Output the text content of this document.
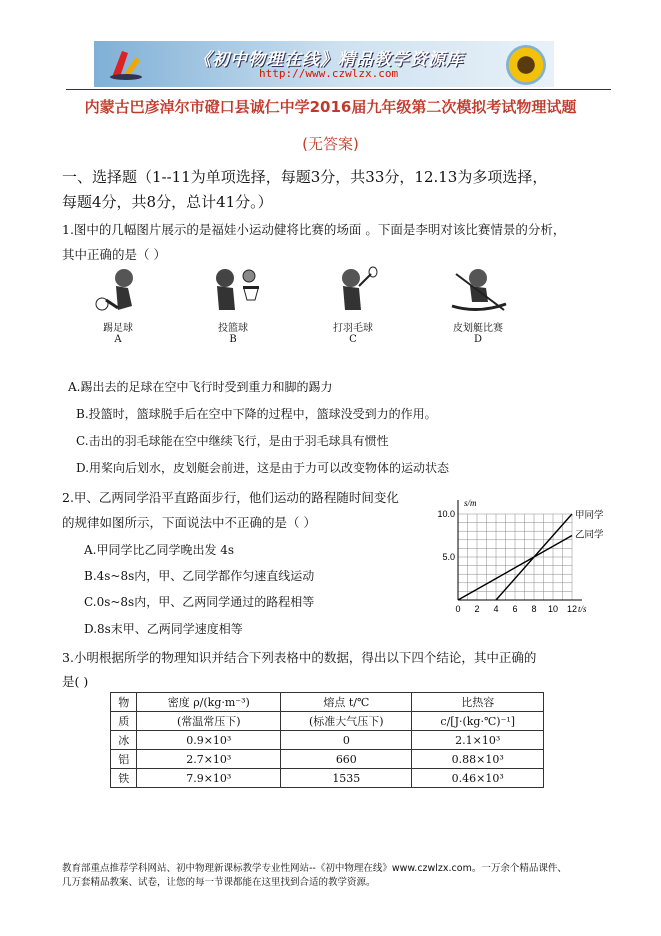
《初中物理在线》精品教学资源库
http://www.czwlzx.com
内蒙古巴彦淖尔市磴口县诚仁中学2016届九年级第二次模拟考试物理试题
(无答案)
一、选择题（1--11为单项选择，每题3分，共33分，12.13为多项选择，
每题4分，共8分，总计41分。）
1.图中的几幅图片展示的是福娃小运动健将比赛的场面 。下面是李明对该比赛情景的分析，
其中正确的是（ ）
踢足球
A
投篮球
B
打羽毛球
C
皮划艇比赛
D
A.踢出去的足球在空中飞行时受到重力和脚的踢力
B.投篮时，篮球脱手后在空中下降的过程中，篮球没受到力的作用。
C.击出的羽毛球能在空中继续飞行，是由于羽毛球具有惯性
D.用桨向后划水，皮划艇会前进，这是由于力可以改变物体的运动状态
2.甲、乙两同学沿平直路面步行，他们运动的路程随时间变化
的规律如图所示，下面说法中不正确的是（ ）
A.甲同学比乙同学晚出发 4s
B.4s~8s内，甲、乙同学都作匀速直线运动
C.0s~8s内，甲、乙两同学通过的路程相等
D.8s末甲、乙两同学速度相等
s/m
t/s
0 2 4 6 8 10 12
5.0
10.0	甲同学
乙同学
3.小明根据所学的物理知识并结合下列表格中的数据，得出以下四个结论，其中正确的
是( )
物	密度 ρ/(kg·m⁻³)	熔点 t/℃	比热容
质	(常温常压下)	(标准大气压下)	c/[J·(kg·℃)⁻¹]
冰	0.9×10³	0	2.1×10³
铝	2.7×10³	660	0.88×10³
铁	7.9×10³	1535	0.46×10³
教育部重点推荐学科网站、初中物理新课标教学专业性网站--《初中物理在线》www.czwlzx.com。一万余个精品课件、
几万套精品教案、试卷，让您的每一节课都能在这里找到合适的教学资源。
